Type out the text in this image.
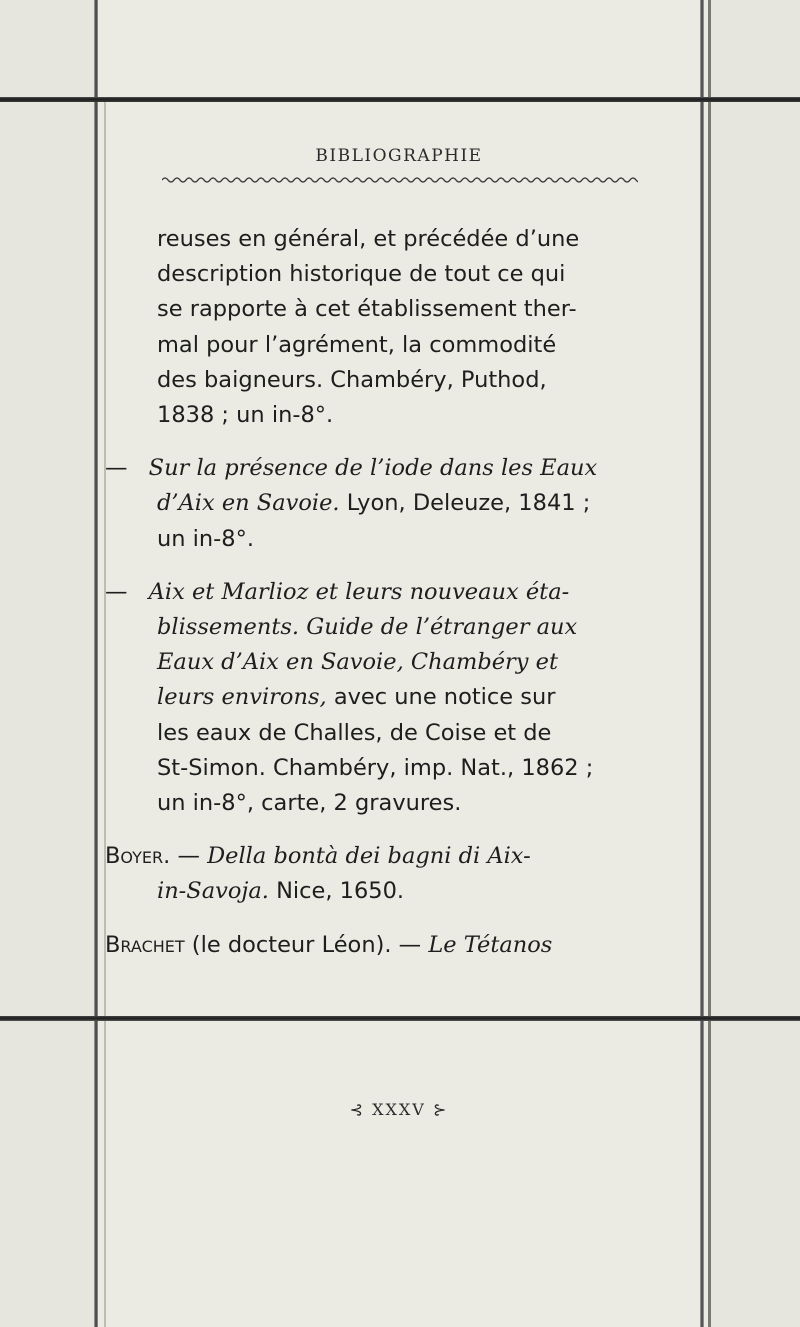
BIBLIOGRAPHIE
reuses en général, et précédée d’une
description historique de tout ce qui
se rapporte à cet établissement ther-
mal pour l’agrément, la commodité
des baigneurs. Chambéry, Puthod,
1838 ; un in-8°.
— Sur la présence de l’iode dans les Eaux
d’Aix en Savoie. Lyon, Deleuze, 1841 ;
un in-8°.
— Aix et Marlioz et leurs nouveaux éta-
blissements. Guide de l’étranger aux
Eaux d’Aix en Savoie, Chambéry et
leurs environs, avec une notice sur
les eaux de Challes, de Coise et de
St-Simon. Chambéry, imp. Nat., 1862 ;
un in-8°, carte, 2 gravures.
Boyer. — Della bontà dei bagni di Aix-
in-Savoja. Nice, 1650.
Brachet (le docteur Léon). — Le Tétanos
⊰ XXXV ⊱
